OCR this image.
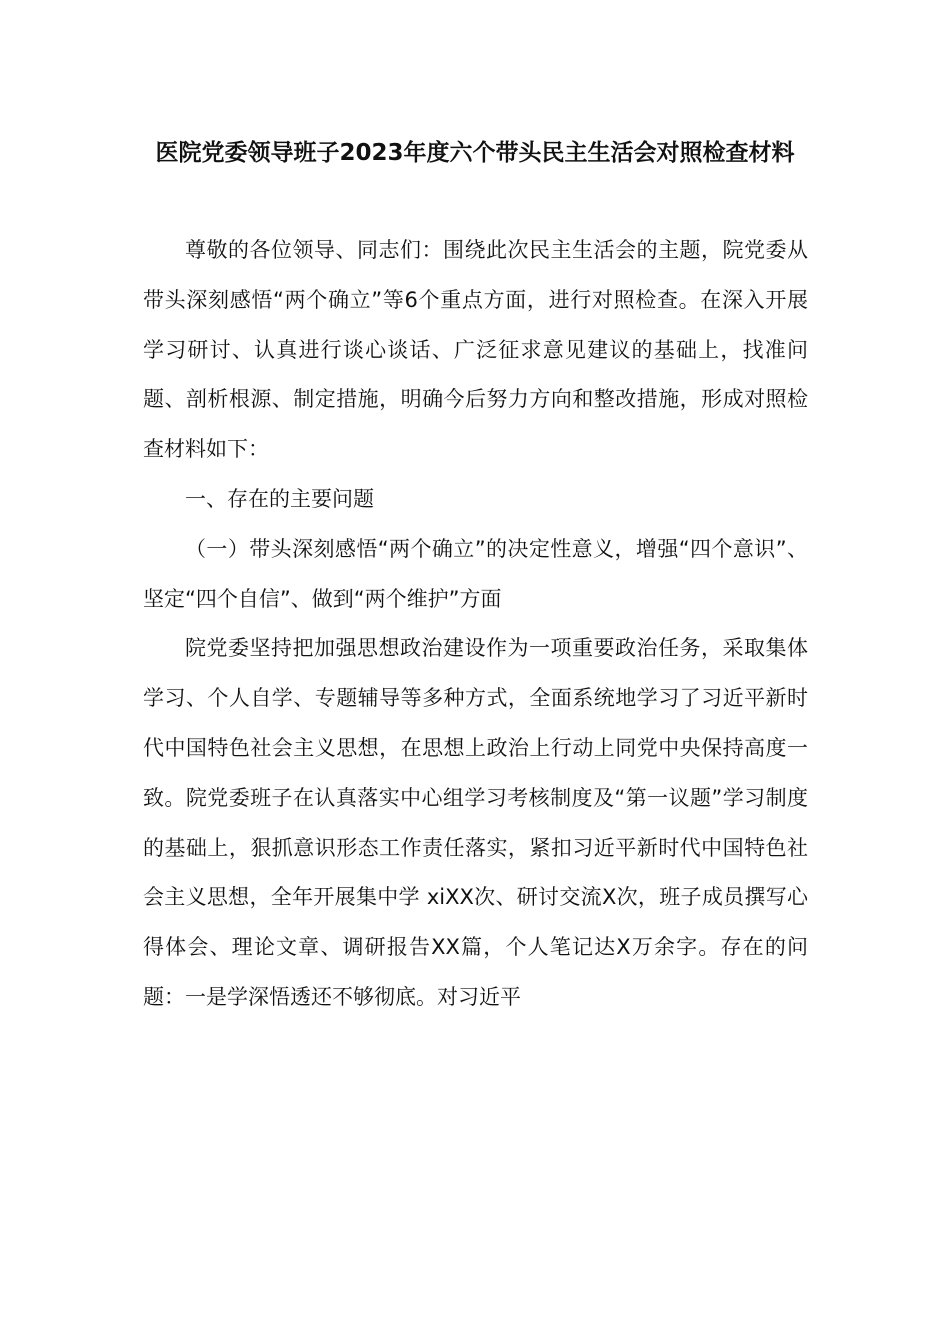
医院党委领导班子2023年度六个带头民主生活会对照检查材料

尊敬的各位领导、同志们：围绕此次民主生活会的主题，院党委从带头深刻感悟“两个确立”等6个重点方面，进行对照检查。在深入开展学习研讨、认真进行谈心谈话、广泛征求意见建议的基础上，找准问题、剖析根源、制定措施，明确今后努力方向和整改措施，形成对照检查材料如下：

一、存在的主要问题

（一）带头深刻感悟“两个确立”的决定性意义，增强“四个意识”、坚定“四个自信”、做到“两个维护”方面

院党委坚持把加强思想政治建设作为一项重要政治任务，采取集体学习、个人自学、专题辅导等多种方式，全面系统地学习了习近平新时代中国特色社会主义思想，在思想上政治上行动上同党中央保持高度一致。院党委班子在认真落实中心组学习考核制度及“第一议题”学习制度的基础上，狠抓意识形态工作责任落实，紧扣习近平新时代中国特色社会主义思想，全年开展集中学 xiXX次、研讨交流X次，班子成员撰写心得体会、理论文章、调研报告XX篇，个人笔记达X万余字。存在的问题：一是学深悟透还不够彻底。对习近平
